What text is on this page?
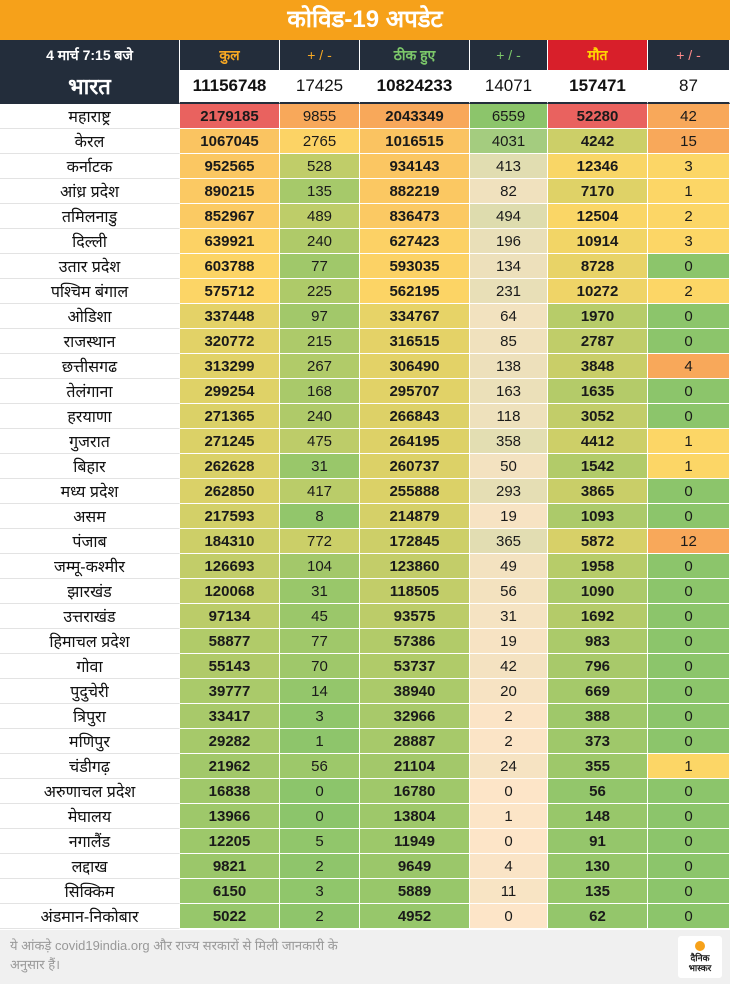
कोविड-19 अपडेट
4 मार्च 7:15 बजे	कुल	+ / -	ठीक हुए	+ / -	मौत	+ / -
भारत	11156748	17425	10824233	14071	157471	87
महाराष्ट्र	2179185	9855	2043349	6559	52280	42
केरल	1067045	2765	1016515	4031	4242	15
कर्नाटक	952565	528	934143	413	12346	3
आंध्र प्रदेश	890215	135	882219	82	7170	1
तमिलनाडु	852967	489	836473	494	12504	2
दिल्ली	639921	240	627423	196	10914	3
उतार प्रदेश	603788	77	593035	134	8728	0
पश्चिम बंगाल	575712	225	562195	231	10272	2
ओडिशा	337448	97	334767	64	1970	0
राजस्थान	320772	215	316515	85	2787	0
छत्तीसगढ	313299	267	306490	138	3848	4
तेलंगाना	299254	168	295707	163	1635	0
हरयाणा	271365	240	266843	118	3052	0
गुजरात	271245	475	264195	358	4412	1
बिहार	262628	31	260737	50	1542	1
मध्य प्रदेश	262850	417	255888	293	3865	0
असम	217593	8	214879	19	1093	0
पंजाब	184310	772	172845	365	5872	12
जम्मू-कश्मीर	126693	104	123860	49	1958	0
झारखंड	120068	31	118505	56	1090	0
उत्तराखंड	97134	45	93575	31	1692	0
हिमाचल प्रदेश	58877	77	57386	19	983	0
गोवा	55143	70	53737	42	796	0
पुदुचेरी	39777	14	38940	20	669	0
त्रिपुरा	33417	3	32966	2	388	0
मणिपुर	29282	1	28887	2	373	0
चंडीगढ़	21962	56	21104	24	355	1
अरुणाचल प्रदेश	16838	0	16780	0	56	0
मेघालय	13966	0	13804	1	148	0
नगालैंड	12205	5	11949	0	91	0
लद्दाख	9821	2	9649	4	130	0
सिक्किम	6150	3	5889	11	135	0
अंडमान-निकोबार	5022	2	4952	0	62	0
ये आंकड़े covid19india.org और राज्य सरकारों से मिली जानकारी के अनुसार हैं।	दैनिक
भास्कर
